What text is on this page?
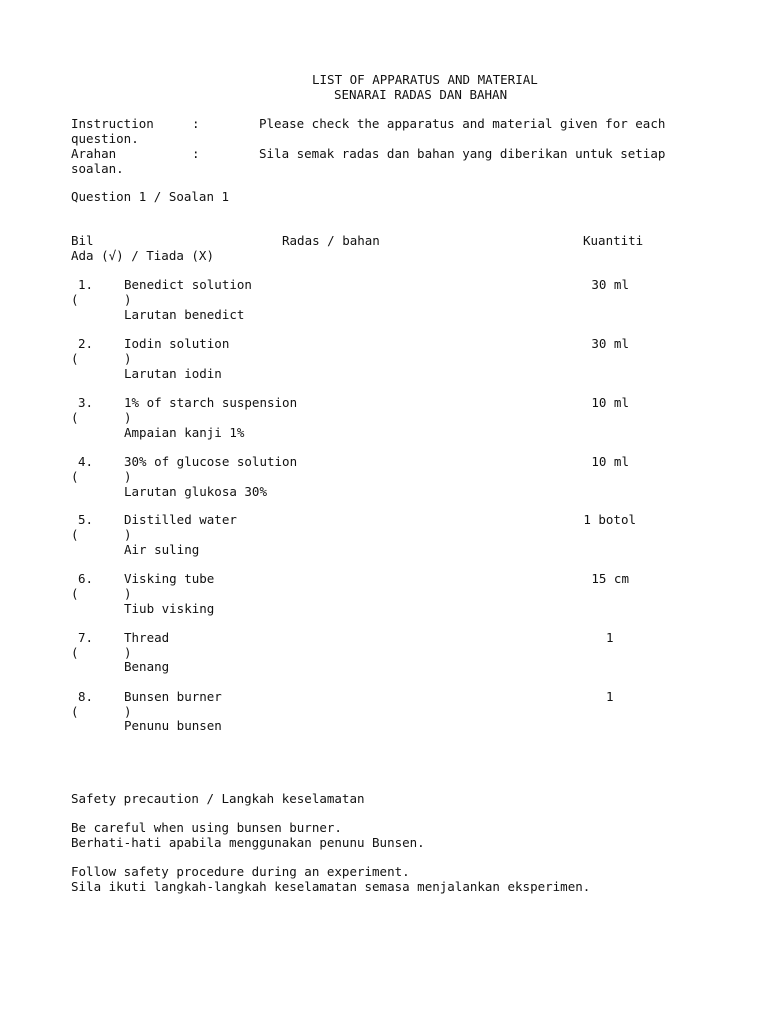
LIST OF APPARATUS AND MATERIAL
SENARAI RADAS DAN BAHAN
Instruction	:	Please check the apparatus and material given for each
question.
Arahan	:	Sila semak radas dan bahan yang diberikan untuk setiap
soalan.
Question 1 / Soalan 1
Bil	Radas / bahan	Kuantiti
Ada (√) / Tiada (X)
1. Benedict solution	30 ml
(	)
Larutan benedict
2. Iodin solution	30 ml
(	)
Larutan iodin
3. 1% of starch suspension	10 ml
(	)
Ampaian kanji 1%
4. 30% of glucose solution	10 ml
(	)
Larutan glukosa 30%
5. Distilled water	1 botol
(	)
Air suling
6. Visking tube	15 cm
(	)
Tiub visking
7. Thread	1
(	)
Benang
8. Bunsen burner	1
(	)
Penunu bunsen
Safety precaution / Langkah keselamatan
Be careful when using bunsen burner.
Berhati-hati apabila menggunakan penunu Bunsen.
Follow safety procedure during an experiment.
Sila ikuti langkah-langkah keselamatan semasa menjalankan eksperimen.
